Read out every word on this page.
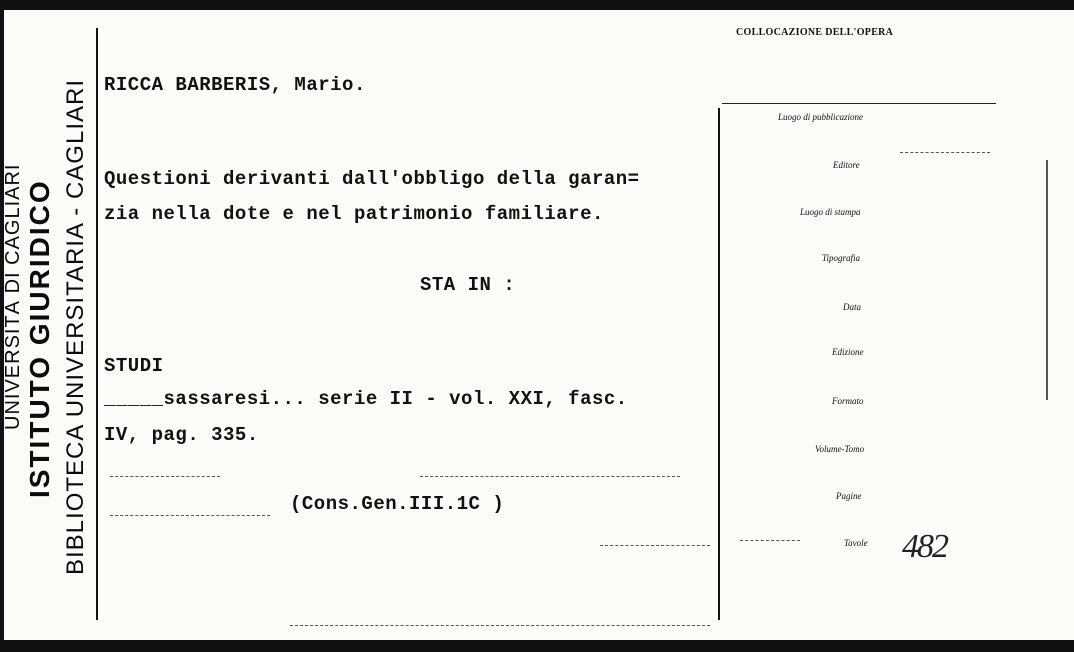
UNIVERSITÀ DI CAGLIARI ISTITUTO GIURIDICO BIBLIOTECA UNIVERSITARIA - CAGLIARI RICCA BARBERIS, Mario.
Questioni derivanti dall'obbligo della garan=
zia nella dote e nel patrimonio familiare.
STA IN :
STUDI
_____sassaresi... serie II - vol. XXI, fasc.
IV, pag. 335.
(Cons.Gen.III.1C )
COLLOCAZIONE DELL'OPERA
Luogo di pubblicazione
Editore
Luogo di stampa
Tipografia
Data
Edizione
Formato
Volume-Tomo
Pagine
Tavole 482
